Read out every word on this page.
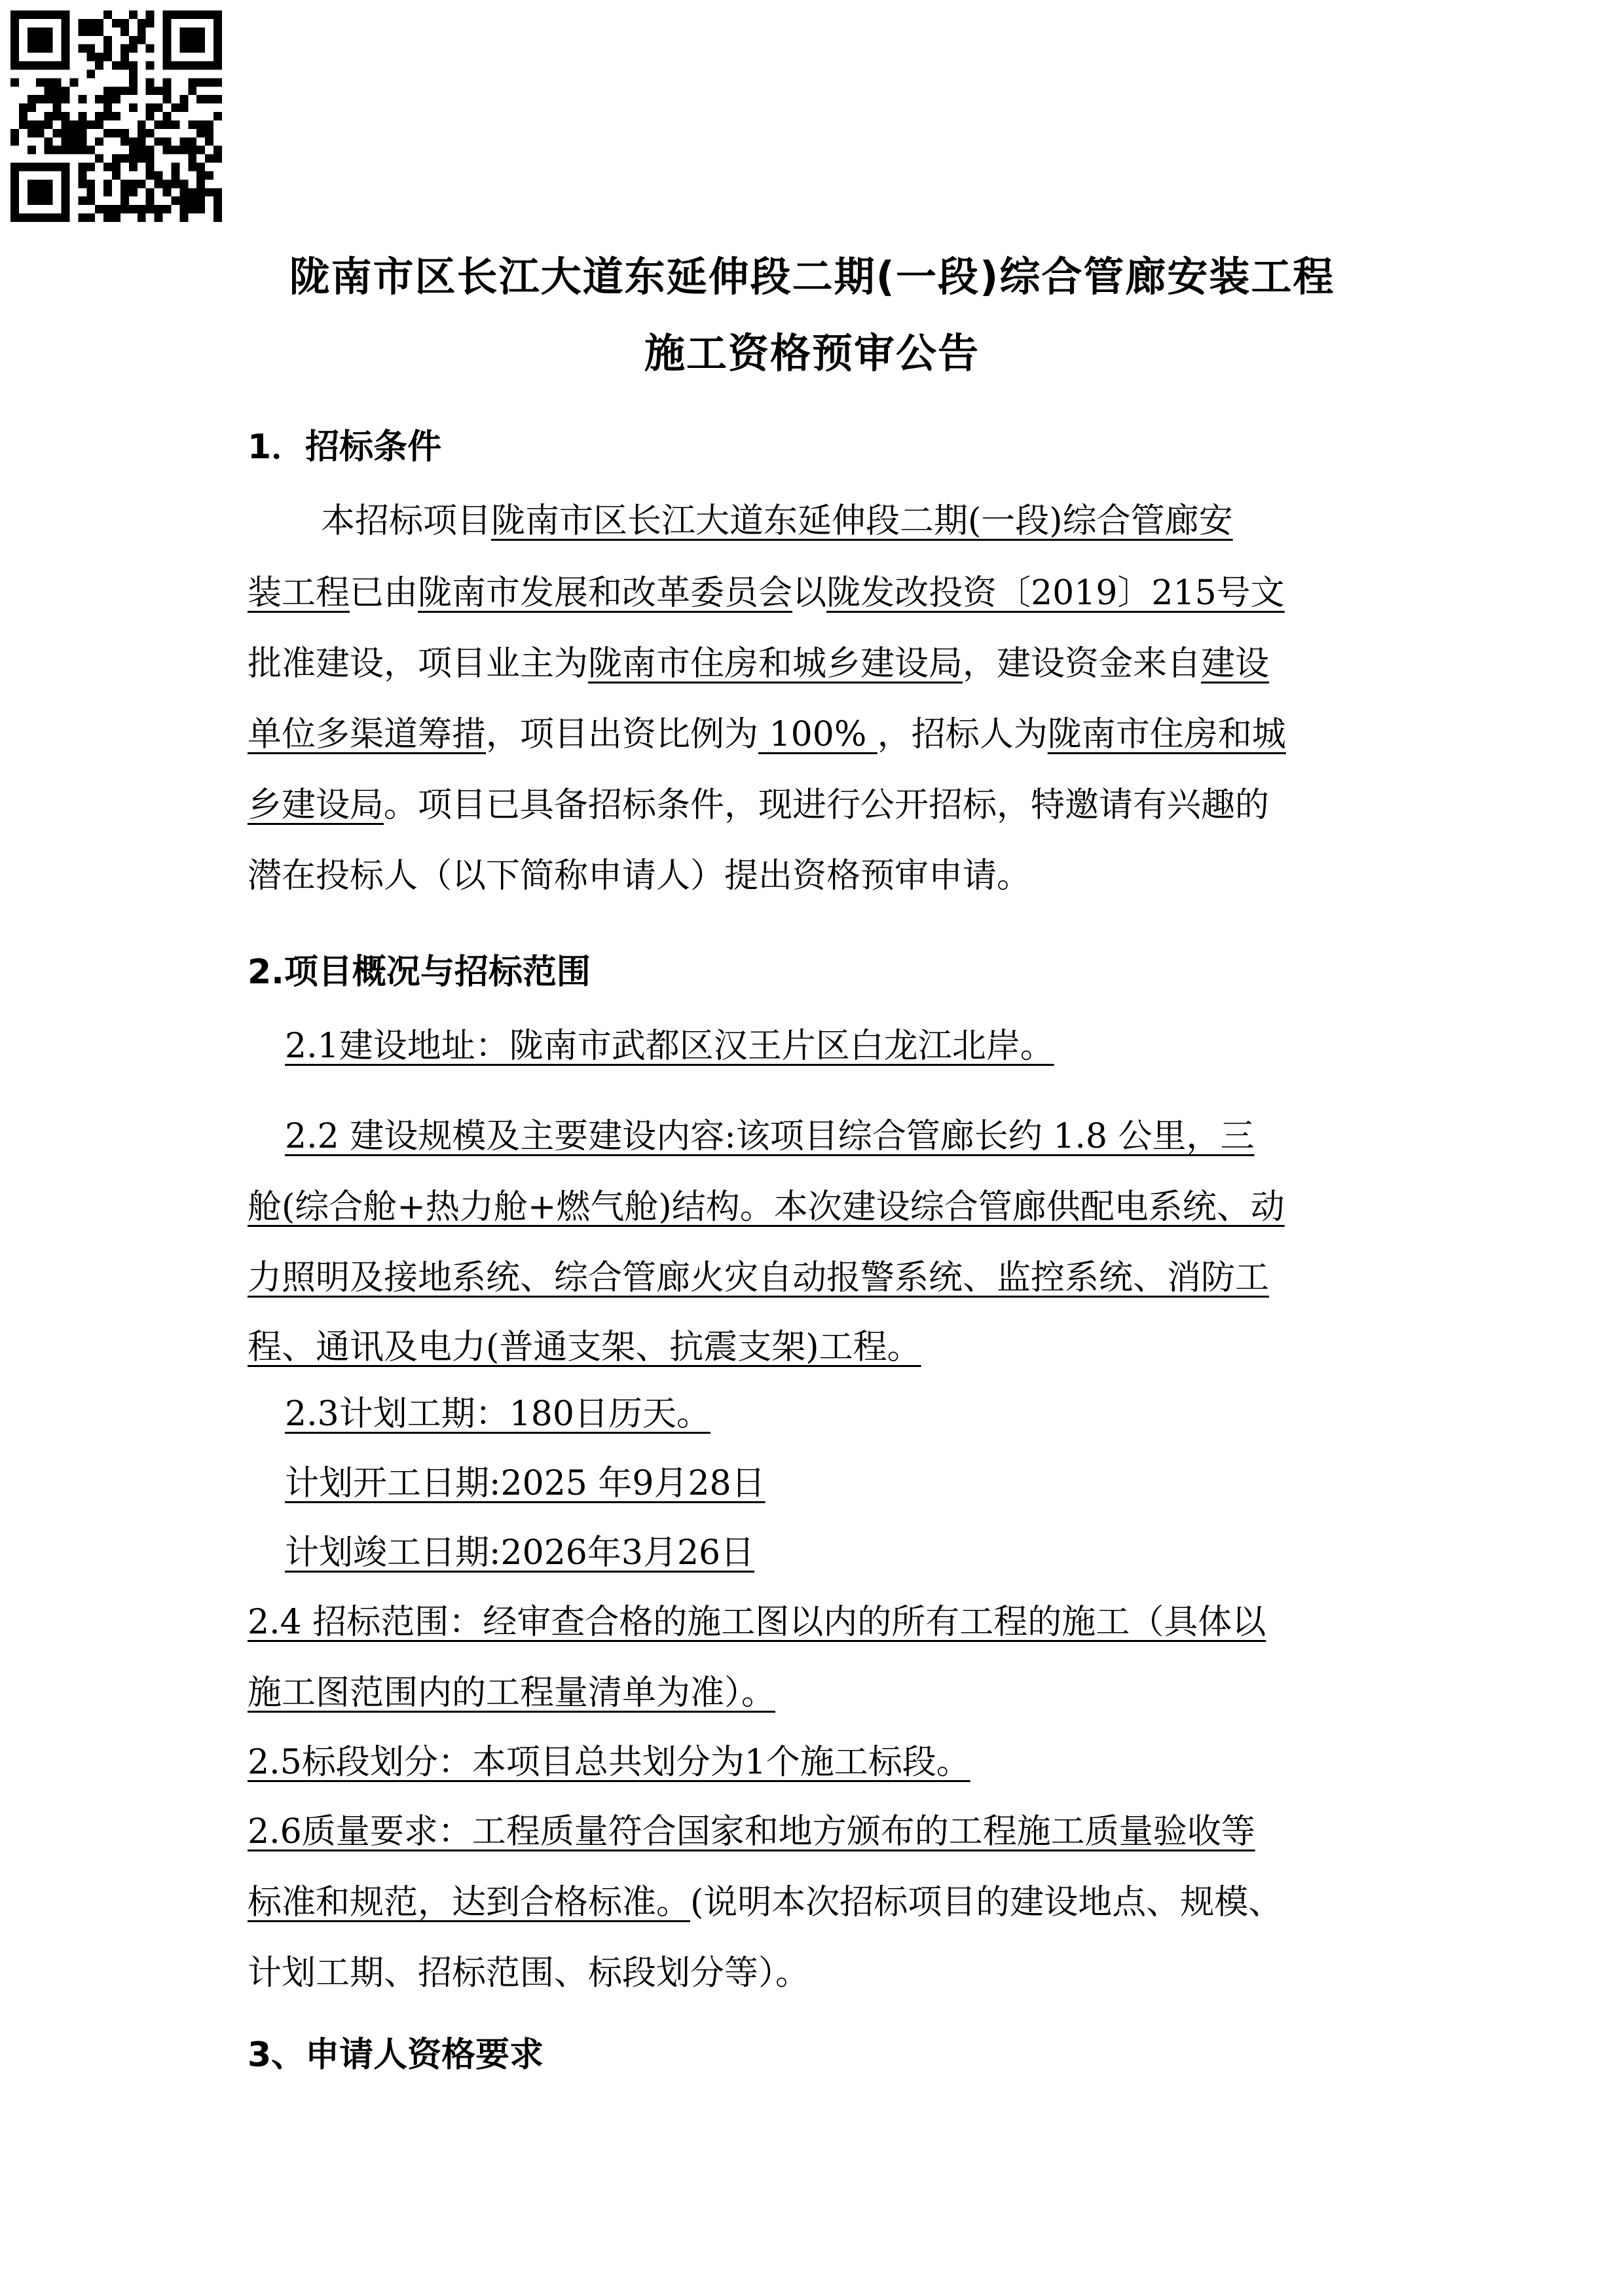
陇南市区长江大道东延伸段二期(一段)综合管廊安装工程
施工资格预审公告
1．招标条件
本招标项目陇南市区长江大道东延伸段二期(一段)综合管廊安
装工程已由陇南市发展和改革委员会以陇发改投资〔2019〕215号文
批准建设，项目业主为陇南市住房和城乡建设局，建设资金来自建设
单位多渠道筹措，项目出资比例为 100% ，招标人为陇南市住房和城
乡建设局。项目已具备招标条件，现进行公开招标，特邀请有兴趣的
潜在投标人（以下简称申请人）提出资格预审申请。
2.项目概况与招标范围
2.1建设地址：陇南市武都区汉王片区白龙江北岸。
2.2 建设规模及主要建设内容:该项目综合管廊长约 1.8 公里，三
舱(综合舱+热力舱+燃气舱)结构。本次建设综合管廊供配电系统、动
力照明及接地系统、综合管廊火灾自动报警系统、监控系统、消防工
程、通讯及电力(普通支架、抗震支架)工程。
2.3计划工期：180日历天。
计划开工日期:2025 年9月28日
计划竣工日期:2026年3月26日
2.4 招标范围：经审查合格的施工图以内的所有工程的施工（具体以
施工图范围内的工程量清单为准）。
2.5标段划分：本项目总共划分为1个施工标段。
2.6质量要求：工程质量符合国家和地方颁布的工程施工质量验收等
标准和规范，达到合格标准。(说明本次招标项目的建设地点、规模、
计划工期、招标范围、标段划分等）。
3、申请人资格要求
